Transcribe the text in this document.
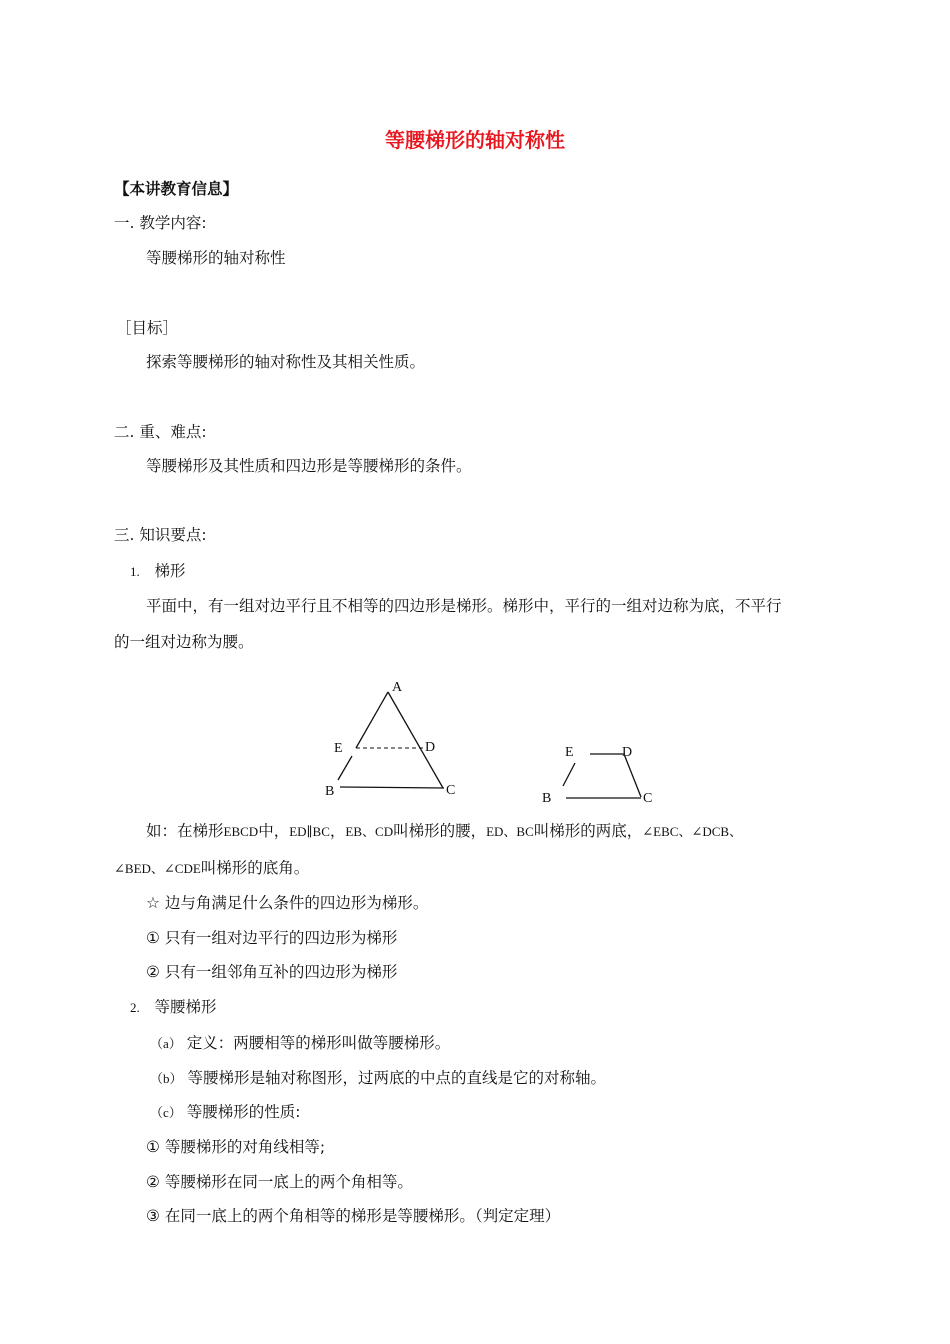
等腰梯形的轴对称性
【本讲教育信息】
一. 教学内容:
等腰梯形的轴对称性
［目标］
探索等腰梯形的轴对称性及其相关性质。
二. 重、难点:
等腰梯形及其性质和四边形是等腰梯形的条件。
三. 知识要点:
1. 梯形
平面中，有一组对边平行且不相等的四边形是梯形。梯形中，平行的一组对边称为底，不平行
的一组对边称为腰。
A
E	D
B	C
E	D
B	C
如：在梯形EBCD中，ED∥BC，EB、CD叫梯形的腰，ED、BC叫梯形的两底，∠EBC、∠DCB、
∠BED、∠CDE叫梯形的底角。
☆ 边与角满足什么条件的四边形为梯形。
① 只有一组对边平行的四边形为梯形
② 只有一组邻角互补的四边形为梯形
2. 等腰梯形
（a） 定义：两腰相等的梯形叫做等腰梯形。
（b） 等腰梯形是轴对称图形，过两底的中点的直线是它的对称轴。
（c） 等腰梯形的性质:
① 等腰梯形的对角线相等;
② 等腰梯形在同一底上的两个角相等。
③ 在同一底上的两个角相等的梯形是等腰梯形。（判定定理）
